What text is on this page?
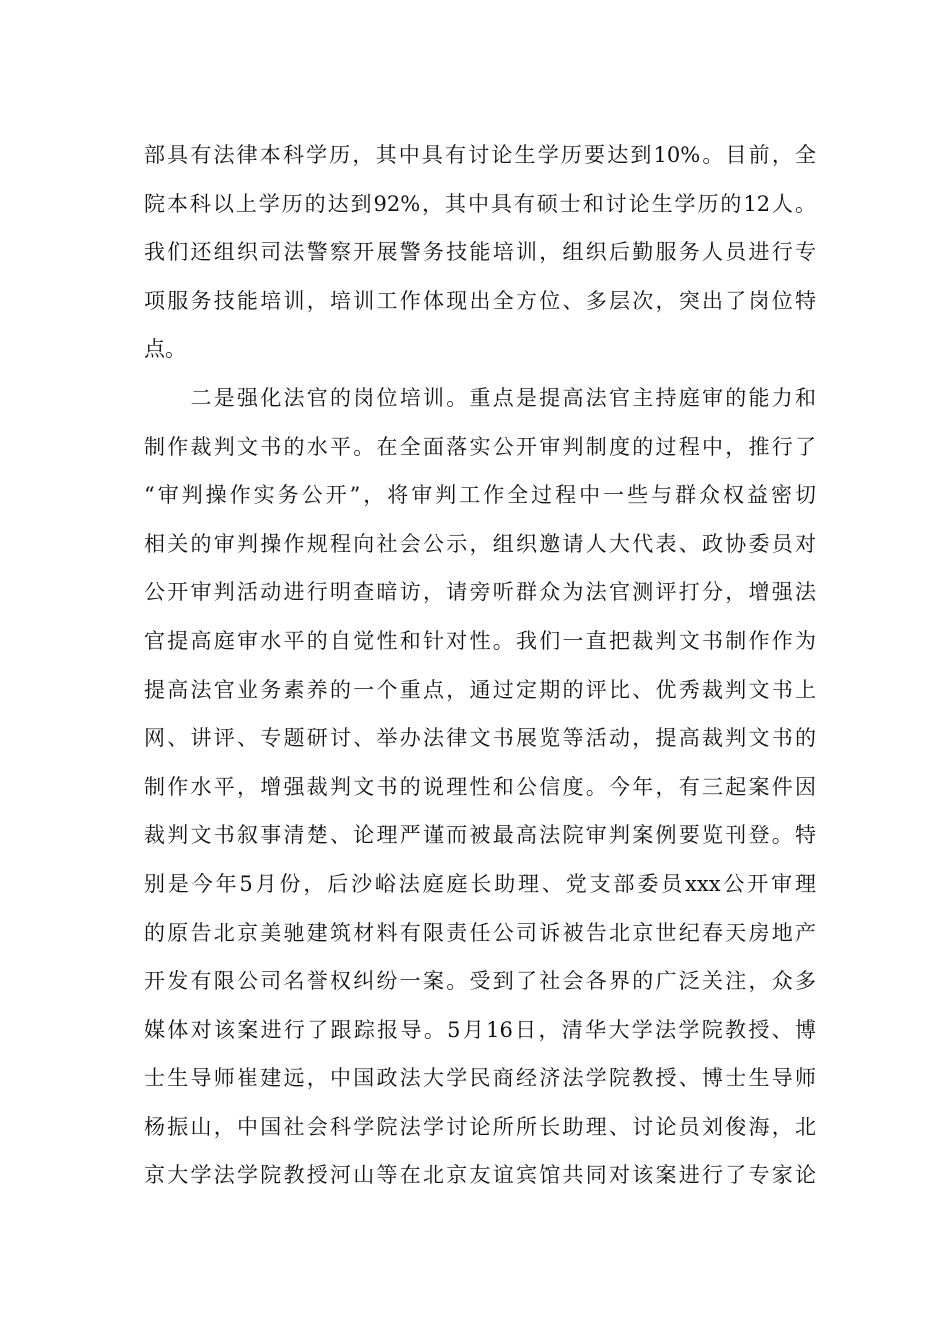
部具有法律本科学历，其中具有讨论生学历要达到10%。目前，全
院本科以上学历的达到92%，其中具有硕士和讨论生学历的12人。
我们还组织司法警察开展警务技能培训，组织后勤服务人员进行专
项服务技能培训，培训工作体现出全方位、多层次，突出了岗位特
点。
　　二是强化法官的岗位培训。重点是提高法官主持庭审的能力和
制作裁判文书的水平。在全面落实公开审判制度的过程中，推行了
“审判操作实务公开”，将审判工作全过程中一些与群众权益密切
相关的审判操作规程向社会公示，组织邀请人大代表、政协委员对
公开审判活动进行明查暗访，请旁听群众为法官测评打分，增强法
官提高庭审水平的自觉性和针对性。我们一直把裁判文书制作作为
提高法官业务素养的一个重点，通过定期的评比、优秀裁判文书上
网、讲评、专题研讨、举办法律文书展览等活动，提高裁判文书的
制作水平，增强裁判文书的说理性和公信度。今年，有三起案件因
裁判文书叙事清楚、论理严谨而被最高法院审判案例要览刊登。特
别是今年5月份，后沙峪法庭庭长助理、党支部委员xxx公开审理
的原告北京美驰建筑材料有限责任公司诉被告北京世纪春天房地产
开发有限公司名誉权纠纷一案。受到了社会各界的广泛关注，众多
媒体对该案进行了跟踪报导。5月16日，清华大学法学院教授、博
士生导师崔建远，中国政法大学民商经济法学院教授、博士生导师
杨振山，中国社会科学院法学讨论所所长助理、讨论员刘俊海，北
京大学法学院教授河山等在北京友谊宾馆共同对该案进行了专家论
